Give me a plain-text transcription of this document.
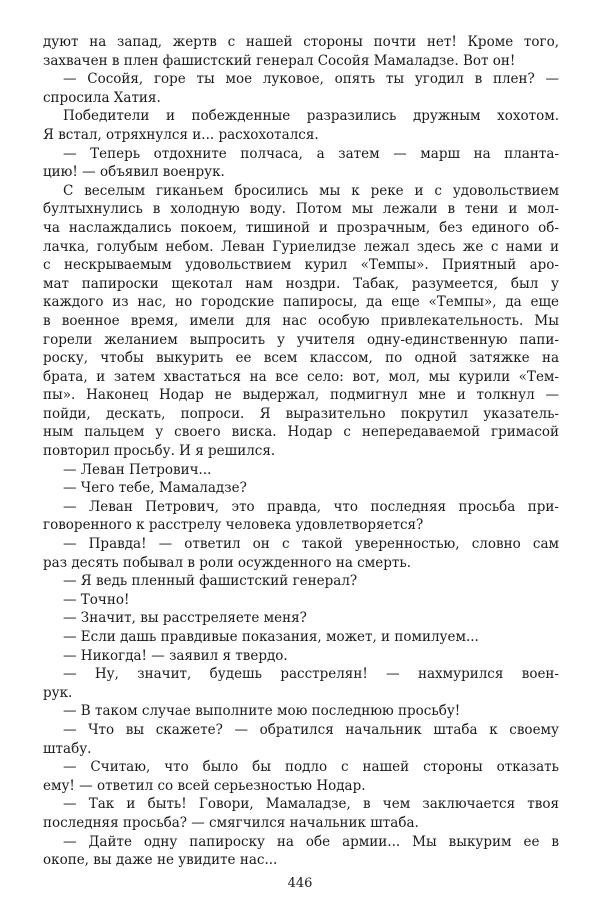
дуют на запад, жертв с нашей стороны почти нет! Кроме того,
захвачен в плен фашистский генерал Сосойя Мамаладзе. Вот он!
— Сосойя, горе ты мое луковое, опять ты угодил в плен? —
спросила Хатия.
Победители и побежденные разразились дружным хохотом.
Я встал, отряхнулся и... расхохотался.
— Теперь отдохните полчаса, а затем — марш на планта-
цию! — объявил военрук.
С веселым гиканьем бросились мы к реке и с удовольствием
бултыхнулись в холодную воду. Потом мы лежали в тени и мол-
ча наслаждались покоем, тишиной и прозрачным, без единого об-
лачка, голубым небом. Леван Гуриелидзе лежал здесь же с нами и
с нескрываемым удовольствием курил «Темпы». Приятный аро-
мат папироски щекотал нам ноздри. Табак, разумеется, был у
каждого из нас, но городские папиросы, да еще «Темпы», да еще
в военное время, имели для нас особую привлекательность. Мы
горели желанием выпросить у учителя одну-единственную папи-
роску, чтобы выкурить ее всем классом, по одной затяжке на
брата, и затем хвастаться на все село: вот, мол, мы курили «Тем-
пы». Наконец Нодар не выдержал, подмигнул мне и толкнул —
пойди, дескать, попроси. Я выразительно покрутил указатель-
ным пальцем у своего виска. Нодар с непередаваемой гримасой
повторил просьбу. И я решился.
— Леван Петрович...
— Чего тебе, Мамаладзе?
— Леван Петрович, это правда, что последняя просьба при-
говоренного к расстрелу человека удовлетворяется?
— Правда! — ответил он с такой уверенностью, словно сам
раз десять побывал в роли осужденного на смерть.
— Я ведь пленный фашистский генерал?
— Точно!
— Значит, вы расстреляете меня?
— Если дашь правдивые показания, может, и помилуем...
— Никогда! — заявил я твердо.
— Ну, значит, будешь расстрелян! — нахмурился воен-
рук.
— В таком случае выполните мою последнюю просьбу!
— Что вы скажете? — обратился начальник штаба к своему
штабу.
— Считаю, что было бы подло с нашей стороны отказать
ему! — ответил со всей серьезностью Нодар.
— Так и быть! Говори, Мамаладзе, в чем заключается твоя
последняя просьба? — смягчился начальник штаба.
— Дайте одну папироску на обе армии... Мы выкурим ее в
окопе, вы даже не увидите нас...
446
